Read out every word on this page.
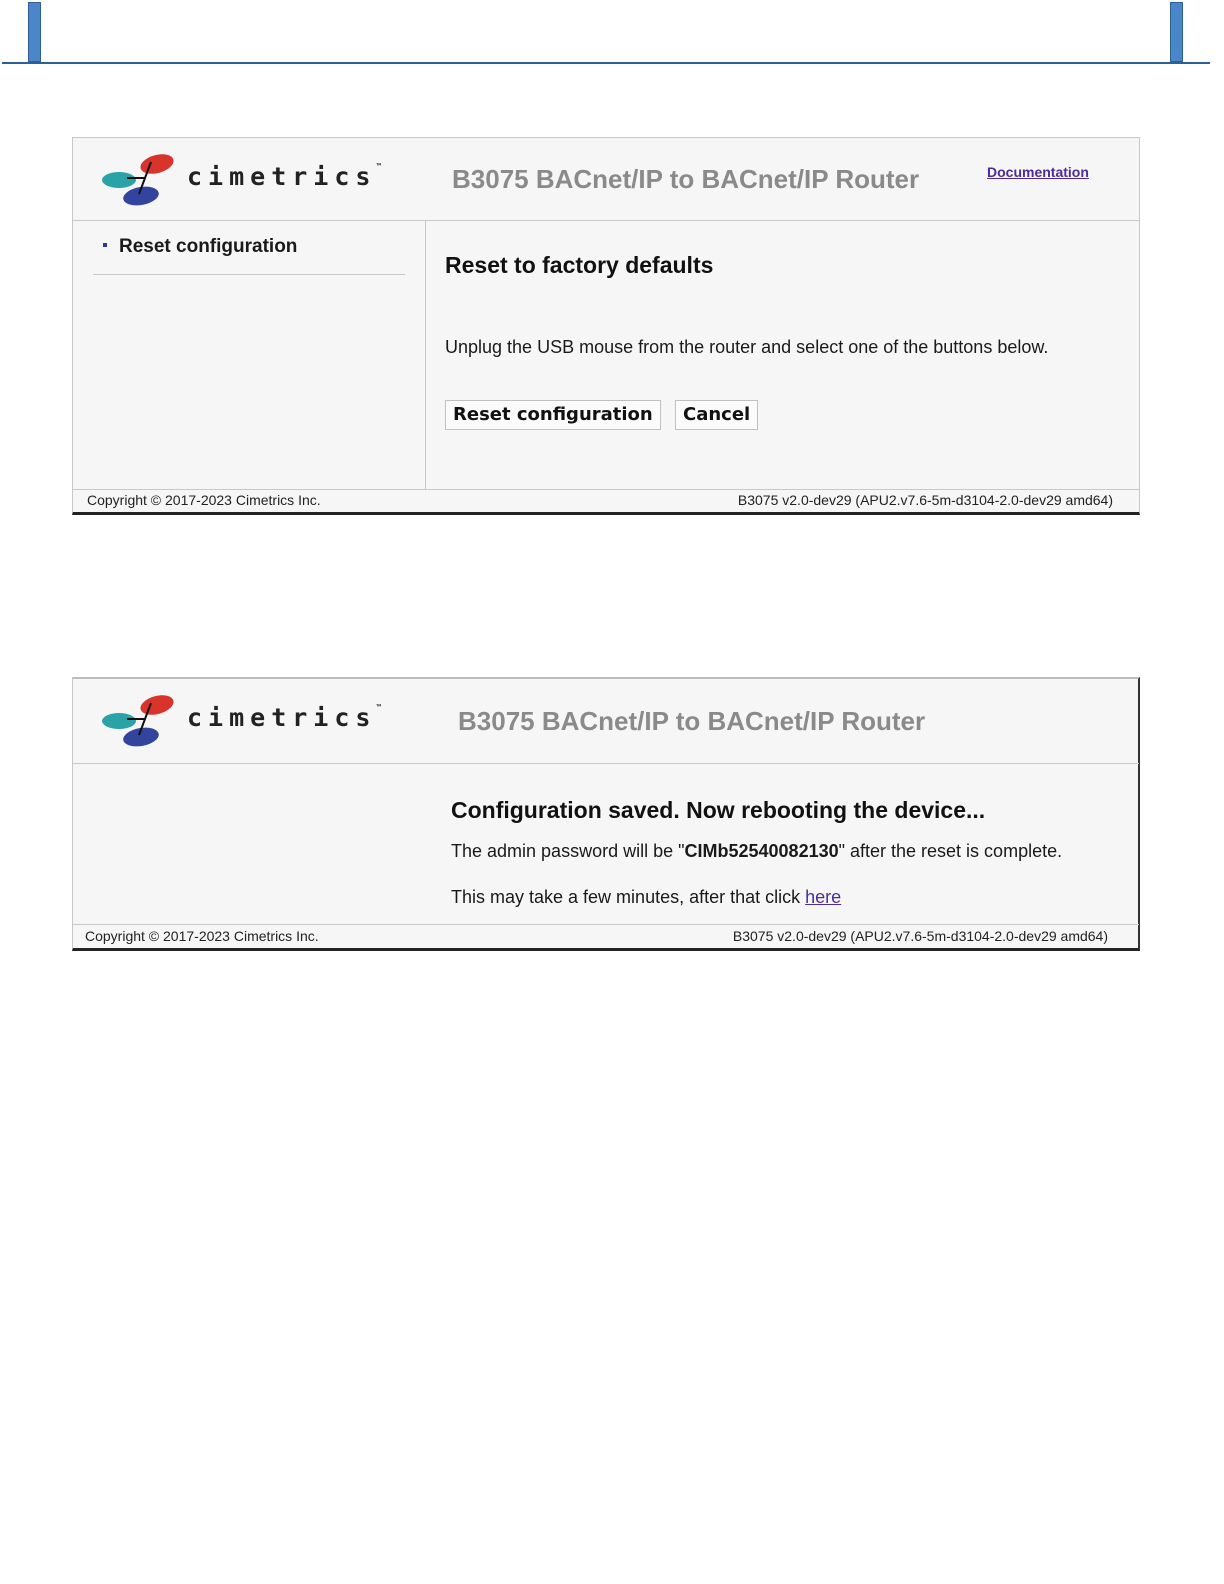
cimetrics™	B3075 BACnet/IP to BACnet/IP Router	Documentation
Reset configuration
Reset to factory defaults
Unplug the USB mouse from the router and select one of the buttons below.
Reset configuration	Cancel
Copyright © 2017-2023 Cimetrics Inc.	B3075 v2.0-dev29 (APU2.v7.6-5m-d3104-2.0-dev29 amd64)
cimetrics™	B3075 BACnet/IP to BACnet/IP Router
Configuration saved. Now rebooting the device...
The admin password will be "CIMb52540082130" after the reset is complete.
This may take a few minutes, after that click here
Copyright © 2017-2023 Cimetrics Inc.	B3075 v2.0-dev29 (APU2.v7.6-5m-d3104-2.0-dev29 amd64)
